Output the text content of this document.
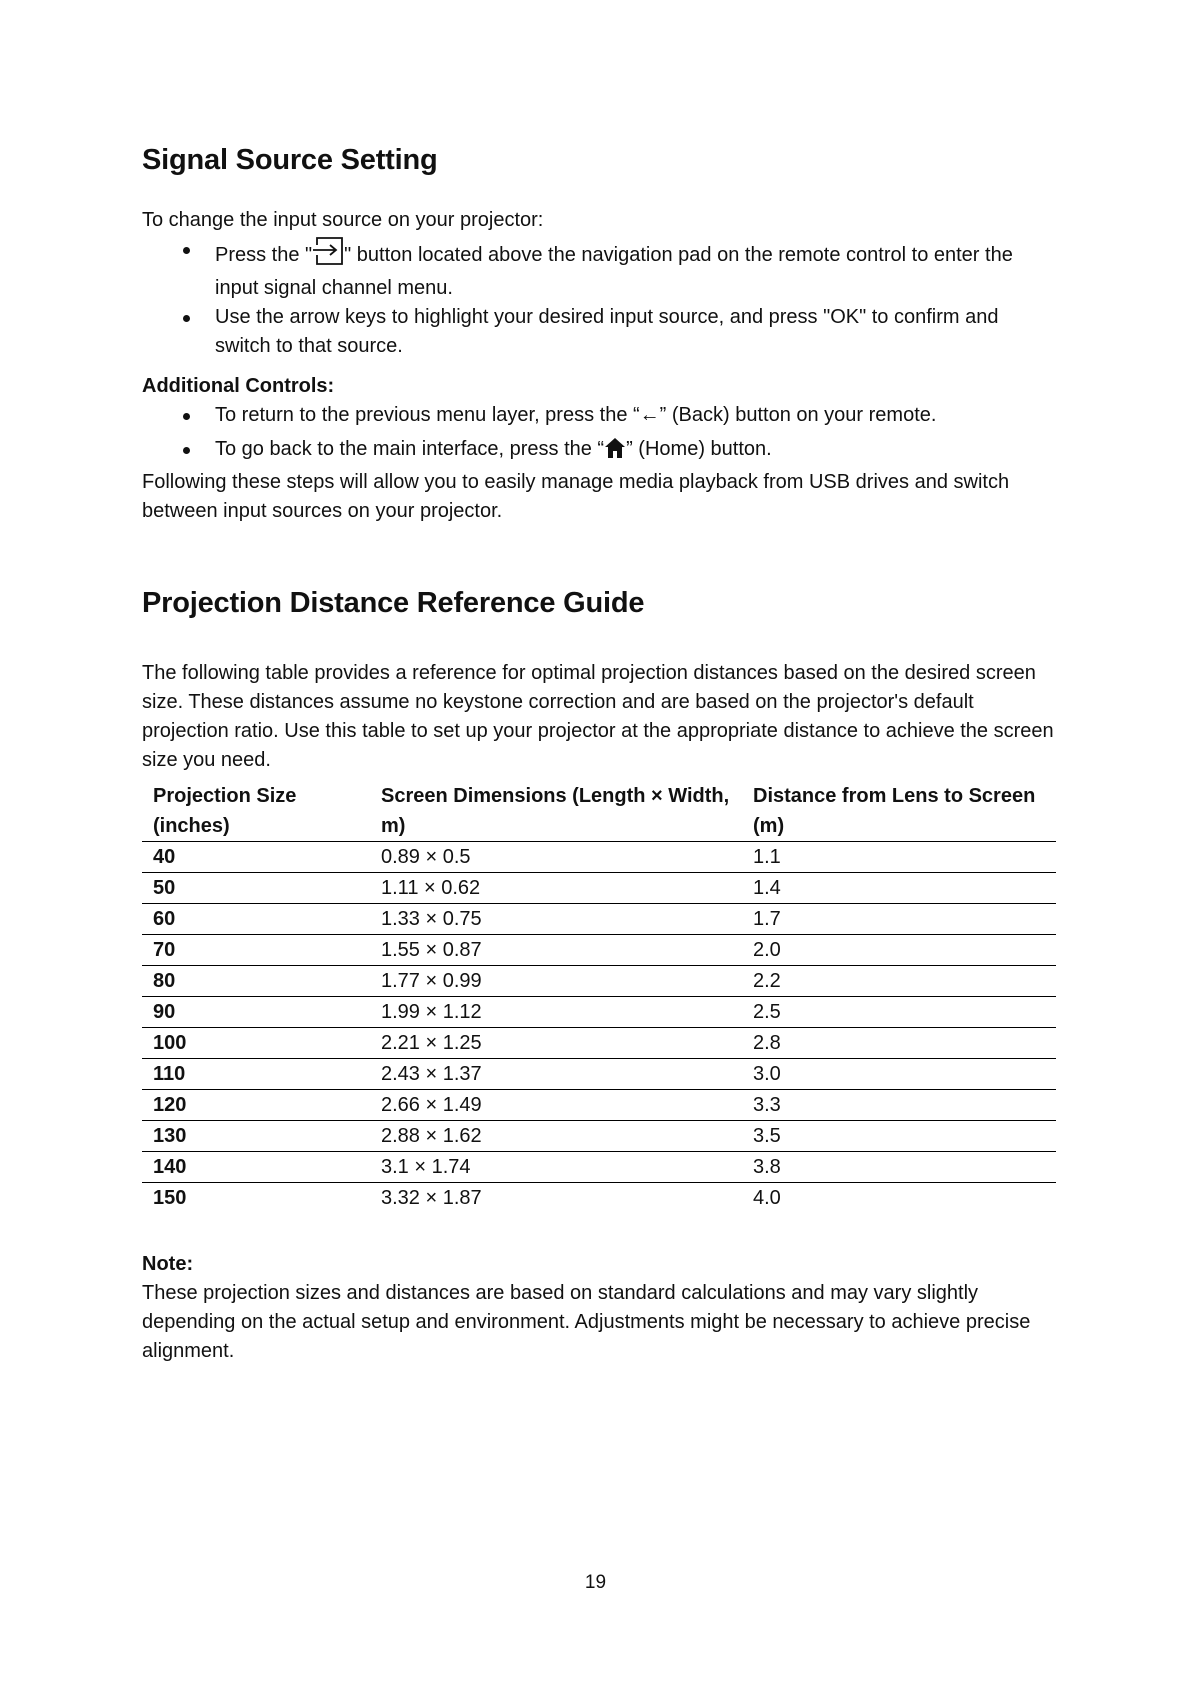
Signal Source Setting

To change the input source on your projector:

Press the " " button located above the navigation pad on the remote control to enter the input signal channel menu.
Use the arrow keys to highlight your desired input source, and press "OK" to confirm and switch to that source.

Additional Controls:

To return to the previous menu layer, press the “←” (Back) button on your remote.
To go back to the main interface, press the “ ” (Home) button.

Following these steps will allow you to easily manage media playback from USB drives and switch between input sources on your projector.

Projection Distance Reference Guide

The following table provides a reference for optimal projection distances based on the desired screen size. These distances assume no keystone correction and are based on the projector's default projection ratio. Use this table to set up your projector at the appropriate distance to achieve the screen size you need.

Projection Size (inches)	Screen Dimensions (Length × Width, m)	Distance from Lens to Screen (m)
40	0.89 × 0.5	1.1
50	1.11 × 0.62	1.4
60	1.33 × 0.75	1.7
70	1.55 × 0.87	2.0
80	1.77 × 0.99	2.2
90	1.99 × 1.12	2.5
100	2.21 × 1.25	2.8
110	2.43 × 1.37	3.0
120	2.66 × 1.49	3.3
130	2.88 × 1.62	3.5
140	3.1 × 1.74	3.8
150	3.32 × 1.87	4.0

Note:

These projection sizes and distances are based on standard calculations and may vary slightly depending on the actual setup and environment. Adjustments might be necessary to achieve precise alignment.

19
